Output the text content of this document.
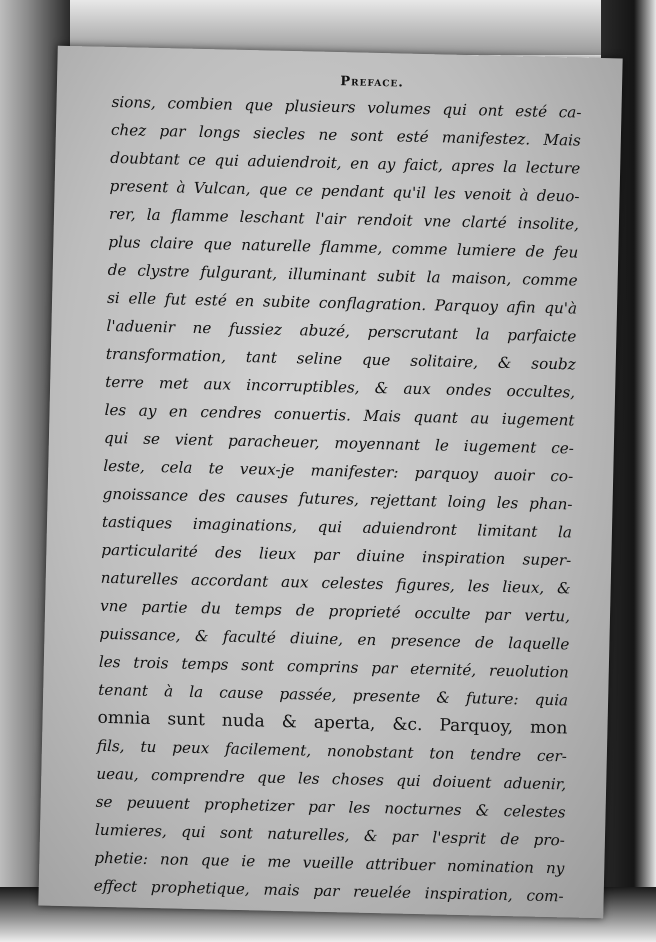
Preface.
sions, combien que plusieurs volumes qui ont esté ca-
chez par longs siecles ne sont esté manifestez. Mais
doubtant ce qui aduiendroit, en ay faict, apres la lecture
present à Vulcan, que ce pendant qu'il les venoit à deuo-
rer, la flamme leschant l'air rendoit vne clarté insolite,
plus claire que naturelle flamme, comme lumiere de feu
de clystre fulgurant, illuminant subit la maison, comme
si elle fut esté en subite conflagration. Parquoy afin qu'à
l'aduenir ne fussiez abuzé, perscrutant la parfaicte
transformation, tant seline que solitaire, & soubz
terre met aux incorruptibles, & aux ondes occultes,
les ay en cendres conuertis. Mais quant au iugement
qui se vient paracheuer, moyennant le iugement ce-
leste, cela te veux-je manifester: parquoy auoir co-
gnoissance des causes futures, rejettant loing les phan-
tastiques imaginations, qui aduiendront limitant la
particularité des lieux par diuine inspiration super-
naturelles accordant aux celestes figures, les lieux, &
vne partie du temps de proprieté occulte par vertu,
puissance, & faculté diuine, en presence de laquelle
les trois temps sont comprins par eternité, reuolution
tenant à la cause passée, presente & future: quia
omnia sunt nuda & aperta, &c. Parquoy, mon
fils, tu peux facilement, nonobstant ton tendre cer-
ueau, comprendre que les choses qui doiuent aduenir,
se peuuent prophetizer par les nocturnes & celestes
lumieres, qui sont naturelles, & par l'esprit de pro-
phetie: non que ie me vueille attribuer nomination ny
effect prophetique, mais par reuelée inspiration, com-
